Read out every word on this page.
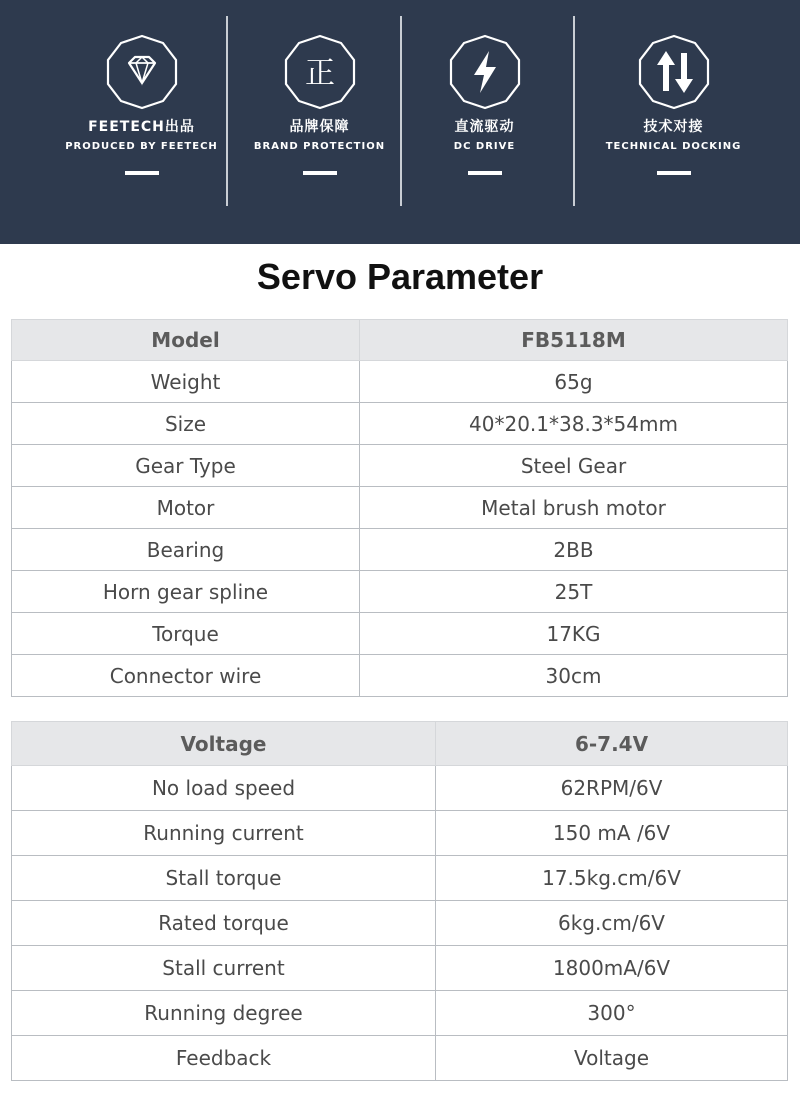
FEETECH出品
PRODUCED BY FEETECH
正
品牌保障
BRAND PROTECTION
直流驱动
DC DRIVE
技术对接
TECHNICAL DOCKING
Servo Parameter
Model	FB5118M
Weight	65g
Size	40*20.1*38.3*54mm
Gear Type	Steel Gear
Motor	Metal brush motor
Bearing	2BB
Horn gear spline	25T
Torque	17KG
Connector wire	30cm
Voltage	6-7.4V
No load speed	62RPM/6V
Running current	150 mA /6V
Stall torque	17.5kg.cm/6V
Rated torque	6kg.cm/6V
Stall current	1800mA/6V
Running degree	300°
Feedback	Voltage
